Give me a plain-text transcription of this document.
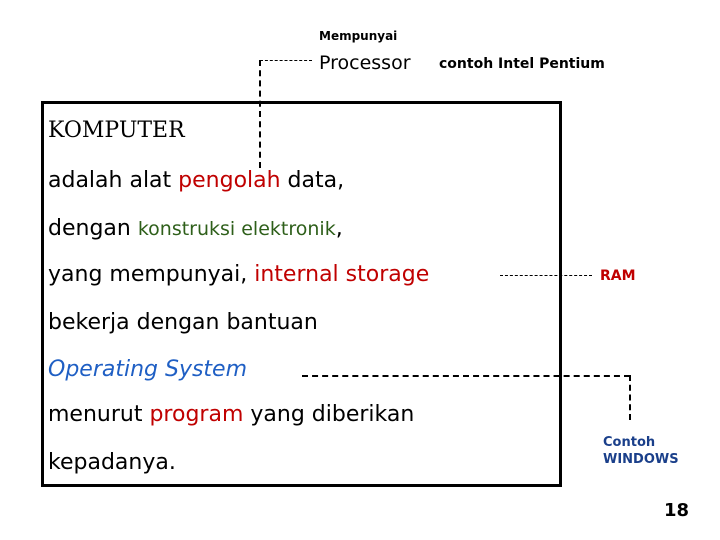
Mempunyai
Processor contoh Intel Pentium
KOMPUTER
adalah alat pengolah data,
dengan konstruksi elektronik,
yang mempunyai, internal storage
bekerja dengan bantuan
Operating System
menurut program yang diberikan
kepadanya.
RAM
Contoh
WINDOWS
18
